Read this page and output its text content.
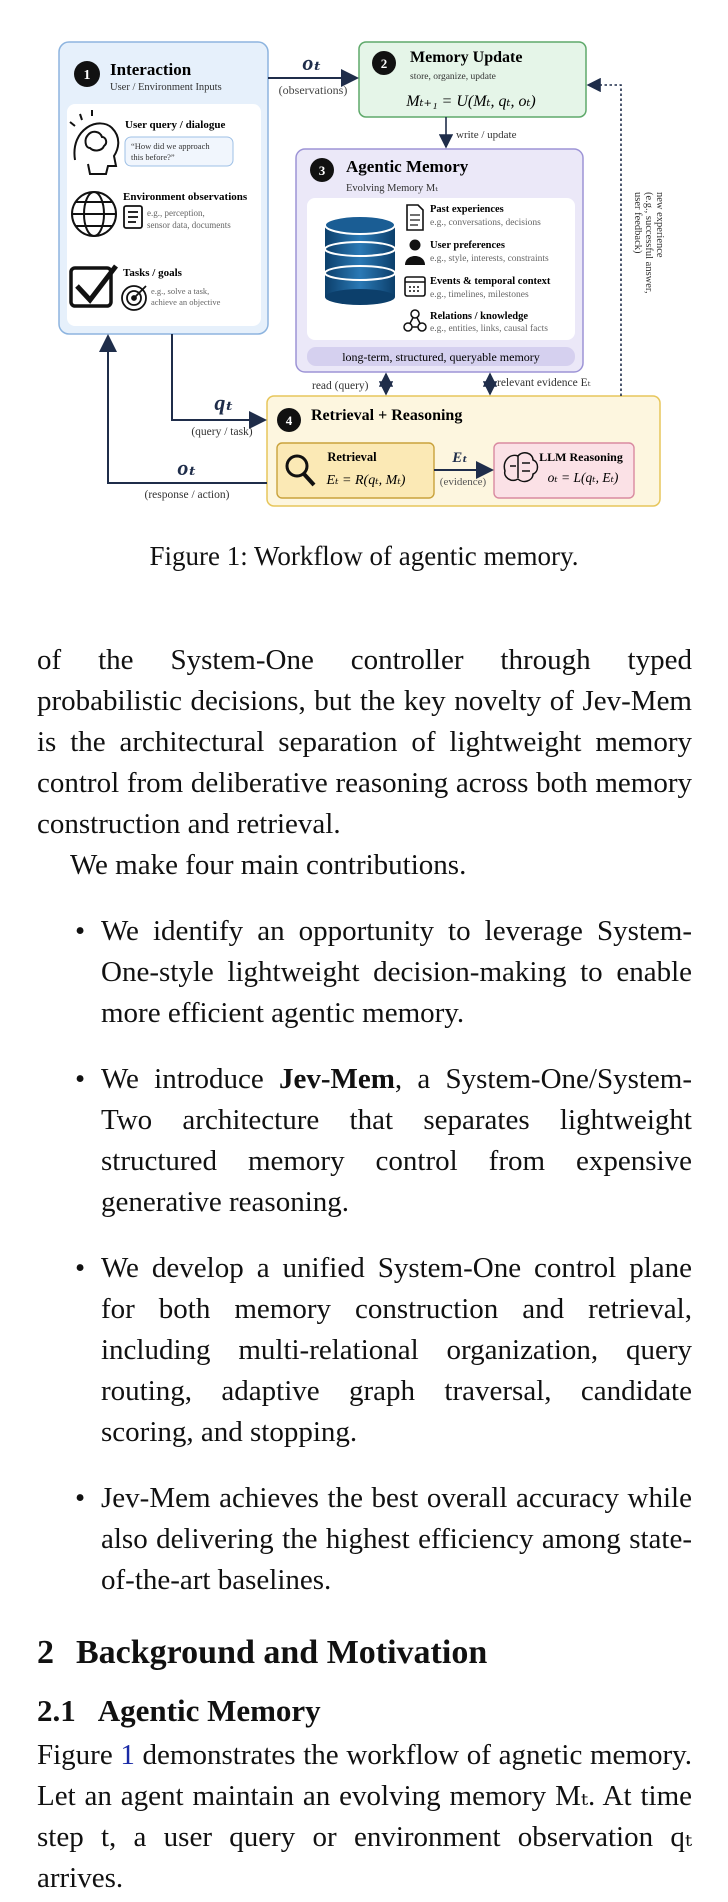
1 Interaction
User / Environment Inputs
User query / dialogue
“How did we approach
this before?”
Environment observations
e.g., perception,
sensor data, documents
Tasks / goals
e.g., solve a task,
achieve an objective
2 Memory Update
store, organize, update
Mₜ₊₁ = U(Mₜ, qₜ, oₜ)
3 Agentic Memory
Evolving Memory Mₜ
Past experiences
e.g., conversations, decisions
User preferences
e.g., style, interests, constraints
Events & temporal context
e.g., timelines, milestones
Relations / knowledge
e.g., entities, links, causal facts
long-term, structured, queryable memory
4 Retrieval + Reasoning
Retrieval
Eₜ = R(qₜ, Mₜ)
LLM Reasoning
oₜ = L(qₜ, Eₜ)
oₜ
(observations)
write / update
read (query)	relevant evidence Eₜ
qₜ
(query / task)
oₜ
(response / action)
Eₜ
(evidence)
new experience
(e.g., successful answer,
user feedback)
Figure 1: Workflow of agentic memory.

of the System-One controller through typed probabilistic decisions, but the key novelty of Jev-Mem is the architectural separation of lightweight memory control from deliberative reasoning across both memory construction and retrieval.

We make four main contributions.

• We identify an opportunity to leverage System-One-style lightweight decision-making to enable more efficient agentic memory.
• We introduce Jev-Mem, a System-One/System-Two architecture that separates lightweight structured memory control from expensive generative reasoning.
• We develop a unified System-One control plane for both memory construction and retrieval, including multi-relational organization, query routing, adaptive graph traversal, candidate scoring, and stopping.
• Jev-Mem achieves the best overall accuracy while also delivering the highest efficiency among state-of-the-art baselines.
2 Background and Motivation
2.1 Agentic Memory

Figure 1 demonstrates the workflow of agnetic memory. Let an agent maintain an evolving memory Mₜ. At time step t, a user query or environment observation qₜ arrives.
